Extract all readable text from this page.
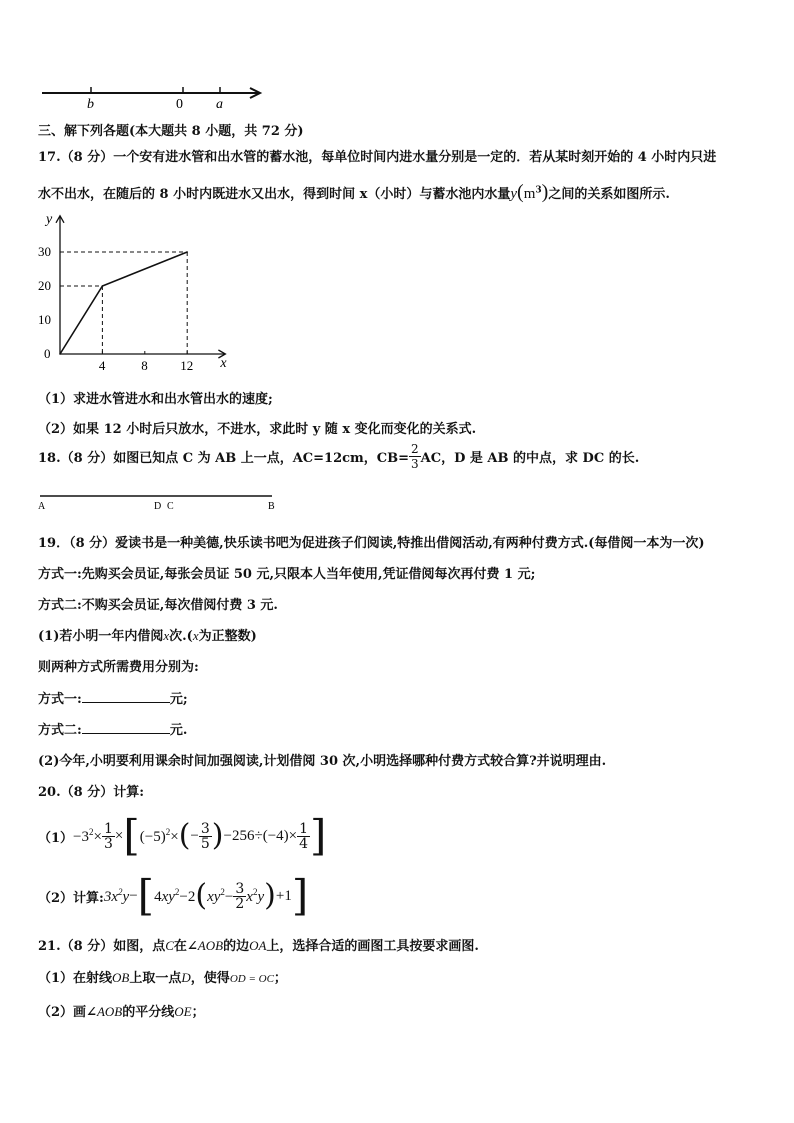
b	0 a
三、解下列各题(本大题共 8 小题，共 72 分)
17.（8 分）一个安有进水管和出水管的蓄水池，每单位时间内进水量分别是一定的．若从某时刻开始的 4 小时内只进
水不出水，在随后的 8 小时内既进水又出水，得到时间 x（小时）与蓄水池内水量$y(m^3)$之间的关系如图所示.
x
y
0
4	8 12
10
20
30
（1）求进水管进水和出水管出水的速度;
（2）如果 12 小时后只放水，不进水，求此时 y 随 x 变化而变化的关系式.
18.（8 分）如图已知点 C 为 AB 上一点，AC=12cm，$CB= \frac{2}{3}$ AC，D 是 AB 的中点，求 DC 的长.
A	D C	B
19．（8 分）爱读书是一种美德,快乐读书吧为促进孩子们阅读,特推出借阅活动,有两种付费方式.(每借阅一本为一次)
方式一:先购买会员证,每张会员证 50 元,只限本人当年使用,凭证借阅每次再付费 1 元;
方式二:不购买会员证,每次借阅付费 3 元.
(1)若小明一年内借阅x次.(x为正整数)
则两种方式所需费用分别为:
方式一:	元;
方式二:	元.
(2)今年,小明要利用课余时间加强阅读,计划借阅 30 次,小明选择哪种付费方式较合算?并说明理由.
20.（8 分）计算:
$(1) -3^2\times \frac{1}{3}$ × [ $(-5)^2\times$ ( − $\frac{3}{5}$ ) $-256\div(-4)\times \frac{1}{4}$ ]
（2）计算: $3x^2y$ − [ $4xy^2-2$ ( $xy^2- \frac{3}{2} x^2y$ ) +1 ]
21.（8 分）如图，点C在∠AOB的边OA上，选择合适的画图工具按要求画图.
（1）在射线OB上取一点D，使得OD = OC；
（2）画∠AOB的平分线OE；
